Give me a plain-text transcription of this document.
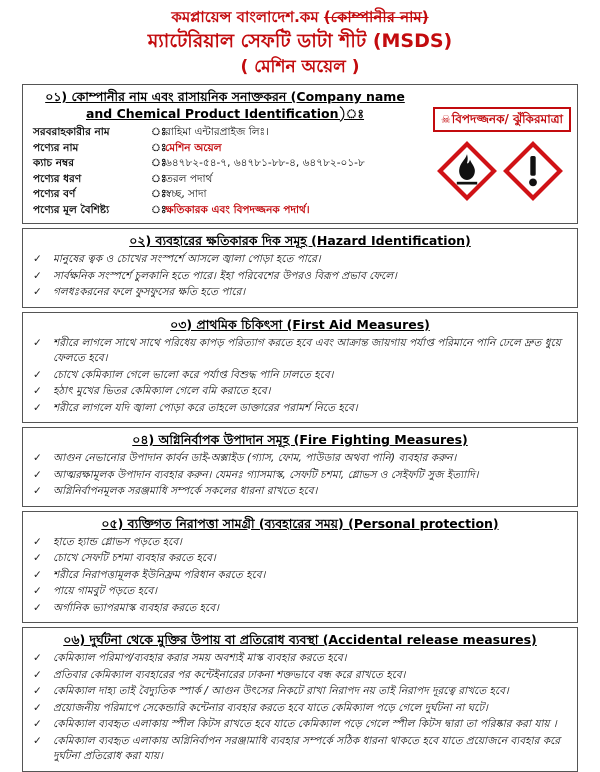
কমপ্লায়েন্স বাংলাদেশ.কম (কোম্পানীর নাম)
ম্যাটেরিয়াল সেফটি ডাটা শীট (MSDS)
( মেশিন অয়েল )
০১) কোম্পানীর নাম এবং রাসায়নিক সনাক্তকরন (Company name and Chemical Product Identification)ঃ	☠বিপদজ্জনক/ ঝুঁকিরমাত্রা
সরবরাহকারীর নাম	ঃ
রাহিমা এন্টারপ্রাইজ লিঃ।
পণ্যের নাম	ঃ
মেশিন অয়েল
ক্যাচ নম্বর	ঃ
৬৪৭৮২-৫৪-৭, ৬৪৭৮১-৮৮-৪, ৬৪৭৮২-০১-৮
পণ্যের ধরণ	ঃ
তরল পদার্থ
পণ্যের বর্ণ	ঃ
স্বচ্ছ, সাদা
পণ্যের মূল বৈশিষ্ট্য	ঃ
ক্ষতিকারক এবং বিপদজ্জনক পদার্থ।
০২) ব্যবহারের ক্ষতিকারক দিক সমূহ (Hazard Identification)
✓	মানুষের ত্বক ও চোখের সংস্পর্শে আসলে জ্বালা পোড়া হতে পারে।
✓	সার্বক্ষনিক সংস্পর্শে চুলকানি হতে পারে। ইহা পরিবেশের উপরও বিরূপ প্রভাব ফেলে।
✓	গলধঃকরনের ফলে ফুসফুসের ক্ষতি হতে পারে।
০৩) প্রাথমিক চিকিৎসা (First Aid Measures)
✓	শরীরে লাগলে সাথে সাথে পরিধেয় কাপড় পরিত্যাগ করতে হবে এবং আক্রান্ত জায়গায় পর্যাপ্ত পরিমানে পানি ঢেলে দ্রুত ধুয়ে ফেলতে হবে।
✓	চোখে কেমিক্যাল গেলে ভালো করে পর্যাপ্ত বিশুদ্ধ পানি ঢালতে হবে।
✓	হঠাৎ মুখের ভিতর কেমিক্যাল গেলে বমি করাতে হবে।
✓	শরীরে লাগলে যদি জ্বালা পোড়া করে তাহলে ডাক্তারের পরামর্শ নিতে হবে।
০৪) অগ্নিনির্বাপক উপাদান সমূহ (Fire Fighting Measures)
✓	আগুন নেভানোর উপাদান কার্বন ডাই-অক্সাইড (গ্যাস, ফোম, পাউডার অথবা পানি) ব্যবহার করুন।
✓	আত্মরক্ষামূলক উপাদান ব্যবহার করুন। যেমনঃ গ্যাসমাস্ক, সেফটি চশমা, গ্লোভস ও সেইফটি সুজ ইত্যাদি।
✓	অগ্নিনির্বাপনমূলক সরঞ্জমাধি সম্পর্কে সকলের ধারনা রাখতে হবে।
০৫) ব্যক্তিগত নিরাপত্তা সামগ্রী (ব্যবহারের সময়) (Personal protection)
✓	হাতে হ্যান্ড গ্লোভস পড়তে হবে।
✓	চোখে সেফটি চশমা ব্যবহার করতে হবে।
✓	শরীরে নিরাপত্তামূলক ইউনিফ্রম পরিধান করতে হবে।
✓	পায়ে গামবুট পড়তে হবে।
✓	অর্গানিক ভ্যাপরমাস্ক ব্যবহার করতে হবে।
০৬) দুর্ঘটনা থেকে মুক্তির উপায় বা প্রতিরোধ ব্যবস্থা (Accidental release measures)
✓	কেমিক্যাল পরিমাপ/ব্যবহার করার সময় অবশ্যই মাস্ক ব্যবহার করতে হবে।
✓	প্রতিবার কেমিক্যাল ব্যবহারের পর কন্টেইনারের ঢাকনা শক্তভাবে বন্ধ করে রাখতে হবে।
✓	কেমিক্যাল দাহ্য তাই বৈদ্যুতিক স্পার্ক / আগুন উৎসের নিকটে রাখা নিরাপদ নয় তাই নিরাপদ দূরত্বে রাখতে হবে।
✓	প্রয়োজনীয় পরিমাপে সেকেন্ডারি কন্টেনার ব্যবহার করতে হবে যাতে কেমিক্যাল পড়ে গেলে দুর্ঘটনা না ঘটে।
✓	কেমিক্যাল ব্যবহৃত এলাকায় স্পীল কিটস রাখতে হবে যাতে কেমিক্যাল পড়ে গেলে স্পীল কিটস দ্বারা তা পরিষ্কার করা যায় ।
✓	কেমিক্যাল ব্যবহৃত এলাকায় অগ্নিনির্বাপন সরঞ্জামাধি ব্যবহার সম্পর্কে সঠিক ধারনা থাকতে হবে যাতে প্রয়োজনে ব্যবহার করে দুর্ঘটনা প্রতিরোধ করা যায়।
